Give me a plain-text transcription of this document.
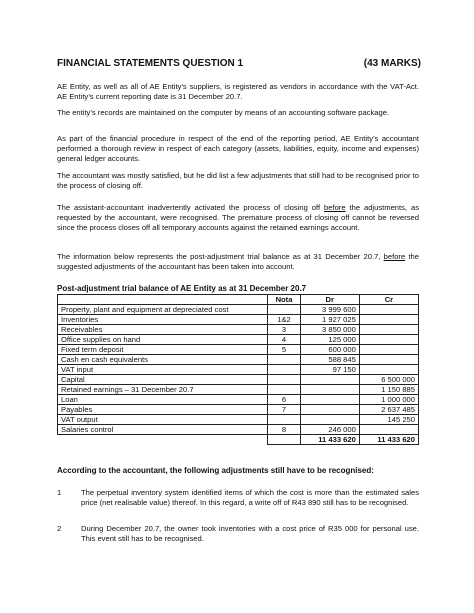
FINANCIAL STATEMENTS QUESTION 1	(43 MARKS)
AE Entity, as well as all of AE Entity’s suppliers, is registered as vendors in accordance with the VAT-Act. AE Entity’s current reporting date is 31 December 20.7.
The entity’s records are maintained on the computer by means of an accounting software package.
As part of the financial procedure in respect of the end of the reporting period, AE Entity’s accountant performed a thorough review in respect of each category (assets, liabilities, equity, income and expenses) general ledger accounts.
The accountant was mostly satisfied, but he did list a few adjustments that still had to be recognised prior to the process of closing off.
The assistant-accountant inadvertently activated the process of closing off before the adjustments, as requested by the accountant, were recognised. The premature process of closing off cannot be reversed since the process closes off all temporary accounts against the retained earnings account.
The information below represents the post-adjustment trial balance as at 31 December 20.7, before the suggested adjustments of the accountant has been taken into account.
Post-adjustment trial balance of AE Entity as at 31 December 20.7
	Nota	Dr	Cr
Property, plant and equipment at depreciated cost		3 999 600	
Inventories	1&2	1 927 025	
Receivables	3	3 850 000	
Office supplies on hand	4	125 000	
Fixed term deposit	5	600 000	
Cash en cash equivalents		588 845	
VAT input		97 150	
Capital			6 500 000
Retained earnings – 31 December 20.7			1 150 885
Loan	6		1 000 000
Payables	7		2 637 485
VAT output			145 250
Salaries control	8	246 000	
		11 433 620	11 433 620
According to the accountant, the following adjustments still have to be recognised:
1	The perpetual inventory system identified items of which the cost is more than the estimated sales price (net realisable value) thereof. In this regard, a write off of R43 890 still has to be recognised.
2	During December 20.7, the owner took inventories with a cost price of R35 000 for personal use. This event still has to be recognised.
